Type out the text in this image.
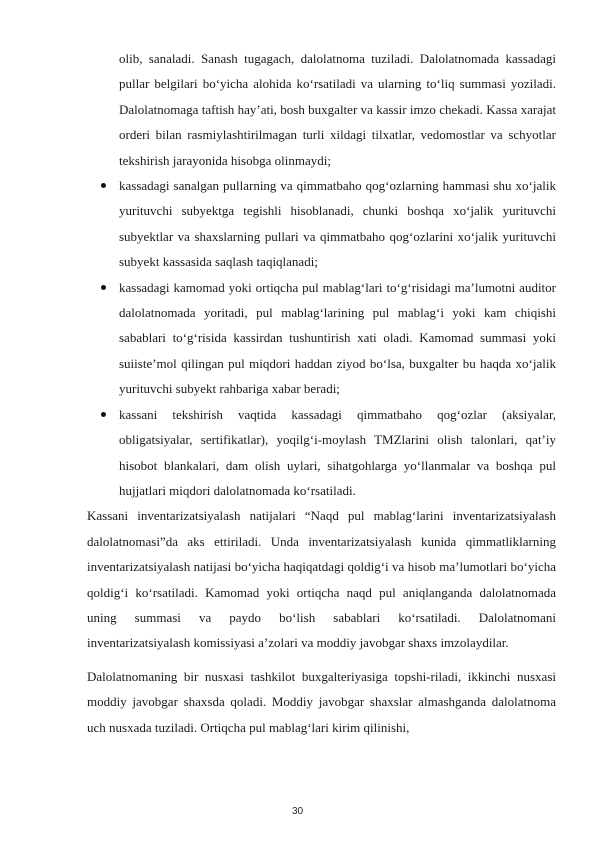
olib, sanaladi. Sanash tugagach, dalolatnoma tuziladi. Dalolatnomada kassadagi pullar belgilari bo‘yicha alohida ko‘rsatiladi va ularning to‘liq summasi yoziladi. Dalolatnomaga taftish hay’ati, bosh buxgalter va kassir imzo chekadi. Kassa xarajat orderi bilan rasmiylashtirilmagan turli xildagi tilxatlar, vedomostlar va schyotlar tekshirish jarayonida hisobga olinmaydi;

kassadagi sanalgan pullarning va qimmatbaho qog‘ozlarning hammasi shu xo‘jalik yurituvchi subyektga tegishli hisoblanadi, chunki boshqa xo‘jalik yurituvchi subyektlar va shaxslarning pullari va qimmatbaho qog‘ozlarini xo‘jalik yurituvchi subyekt kassasida saqlash taqiqlanadi;
kassadagi kamomad yoki ortiqcha pul mablag‘lari to‘g‘risidagi ma’lumotni auditor dalolatnomada yoritadi, pul mablag‘larining pul mablag‘i yoki kam chiqishi sabablari to‘g‘risida kassirdan tushuntirish xati oladi. Kamomad summasi yoki suiiste’mol qilingan pul miqdori haddan ziyod bo‘lsa, buxgalter bu haqda xo‘jalik yurituvchi subyekt rahbariga xabar beradi;
kassani tekshirish vaqtida kassadagi qimmatbaho qog‘ozlar (aksiyalar, obligatsiyalar, sertifikatlar), yoqilg‘i-moylash TMZlarini olish talonlari, qat’iy hisobot blankalari, dam olish uylari, sihatgohlarga yo‘llanmalar va boshqa pul hujjatlari miqdori dalolatnomada ko‘rsatiladi.

Kassani inventarizatsiyalash natijalari “Naqd pul mablag‘larini inventarizatsiyalash dalolatnomasi”da aks ettiriladi. Unda inventarizatsiyalash kunida qimmatliklarning inventarizatsiyalash natijasi bo‘yicha haqiqatdagi qoldig‘i va hisob ma’lumotlari bo‘yicha qoldig‘i ko‘rsatiladi. Kamomad yoki ortiqcha naqd pul aniqlanganda dalolatnomada uning summasi va paydo bo‘lish sabablari ko‘rsatiladi. Dalolatnomani inventarizatsiyalash komissiyasi a’zolari va moddiy javobgar shaxs imzolaydilar.

Dalolatnomaning bir nusxasi tashkilot buxgalteriyasiga topshi-riladi, ikkinchi nusxasi moddiy javobgar shaxsda qoladi. Moddiy javobgar shaxslar almashganda dalolatnoma uch nusxada tuziladi. Ortiqcha pul mablag‘lari kirim qilinishi,

30
